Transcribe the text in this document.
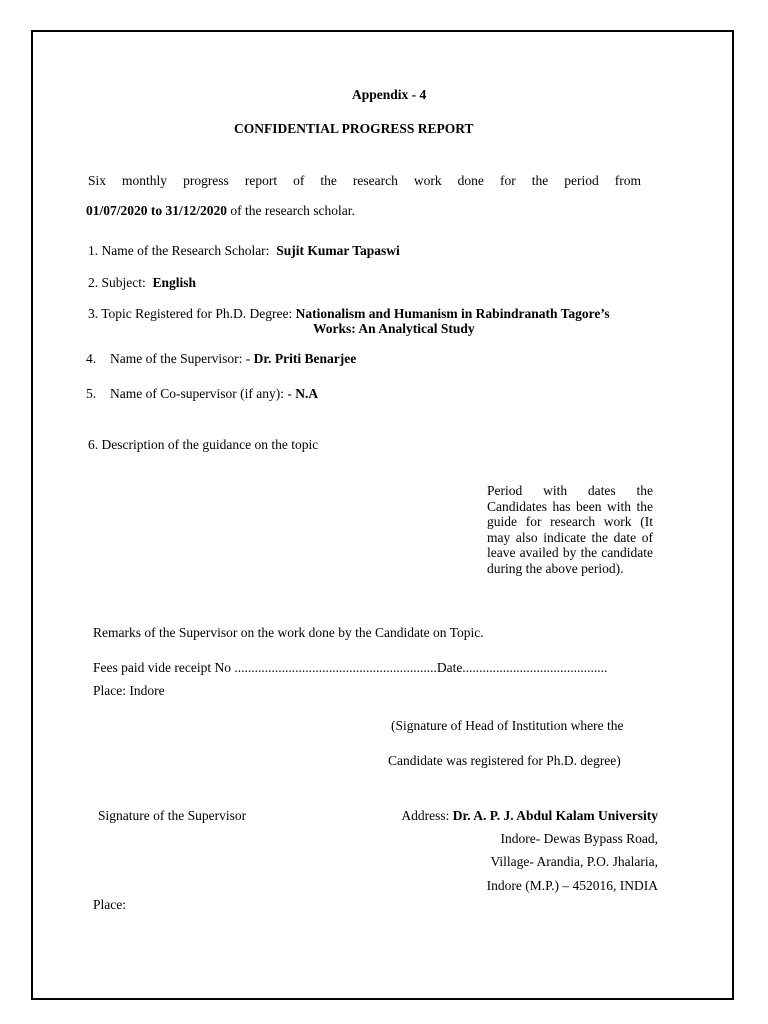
Appendix - 4
CONFIDENTIAL PROGRESS REPORT
Six monthly progress report of the research work done for the period from
01/07/2020 to 31/12/2020 of the research scholar.
1. Name of the Research Scholar: Sujit Kumar Tapaswi
2. Subject: English
3. Topic Registered for Ph.D. Degree: Nationalism and Humanism in Rabindranath Tagore’s
Works: An Analytical Study
4. Name of the Supervisor: - Dr. Priti Benarjee
5. Name of Co-supervisor (if any): - N.A
6. Description of the guidance on the topic
Period with dates the Candidates has been with the guide for research work (It may also indicate the date of leave availed by the candidate during the above period).
Remarks of the Supervisor on the work done by the Candidate on Topic.
Fees paid vide receipt No ............................................................Date...........................................
Place: Indore
(Signature of Head of Institution where the
Candidate was registered for Ph.D. degree)
Signature of the Supervisor	Address: Dr. A. P. J. Abdul Kalam University
Indore- Dewas Bypass Road,
Village- Arandia, P.O. Jhalaria,
Indore (M.P.) – 452016, INDIA
Place:
